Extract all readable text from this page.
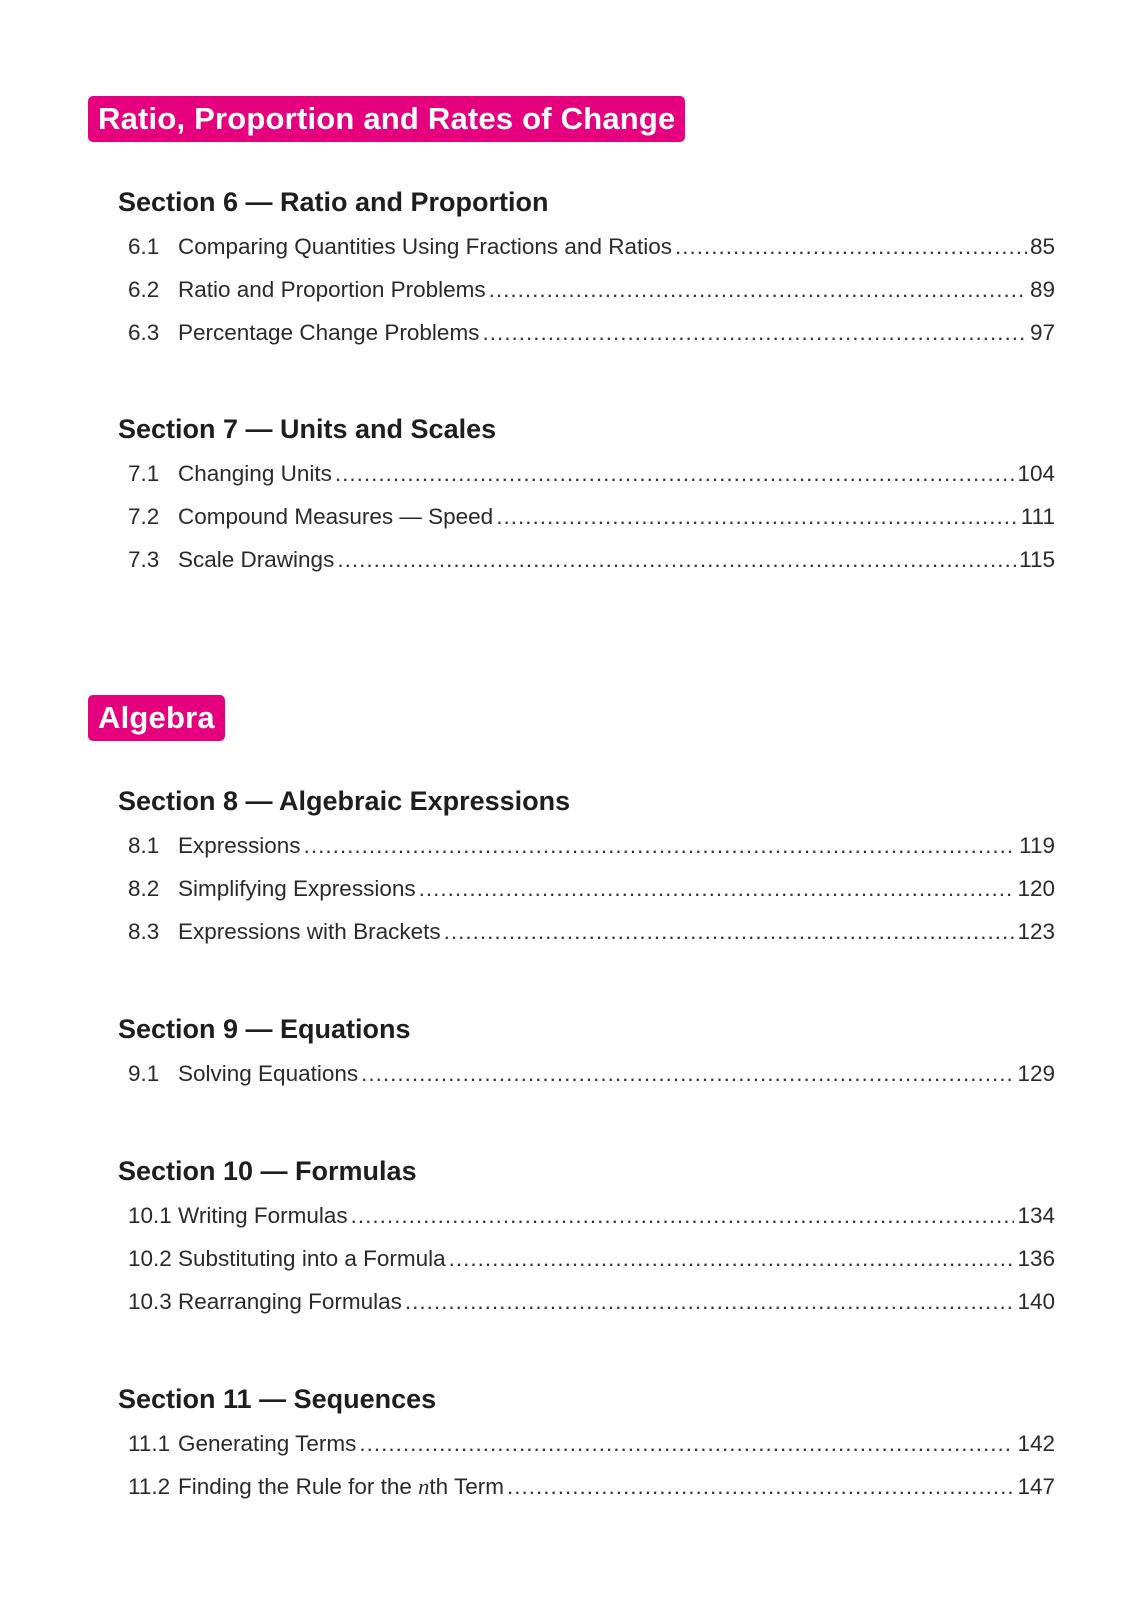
Ratio, Proportion and Rates of Change
Section 6 — Ratio and Proportion
6.1 Comparing Quantities Using Fractions and Ratios .....	85
6.2 Ratio and Proportion Problems .....	89
6.3 Percentage Change Problems .....	97
Section 7 — Units and Scales
7.1 Changing Units .....	104
7.2 Compound Measures — Speed .....	111
7.3 Scale Drawings .....	115
Algebra
Section 8 — Algebraic Expressions
8.1 Expressions .....	119
8.2 Simplifying Expressions .....	120
8.3 Expressions with Brackets .....	123
Section 9 — Equations
9.1 Solving Equations .....	129
Section 10 — Formulas
10.1 Writing Formulas .....	134
10.2 Substituting into a Formula .....	136
10.3 Rearranging Formulas .....	140
Section 11 — Sequences
11.1 Generating Terms .....	142
11.2 Finding the Rule for the nth Term .....	147
